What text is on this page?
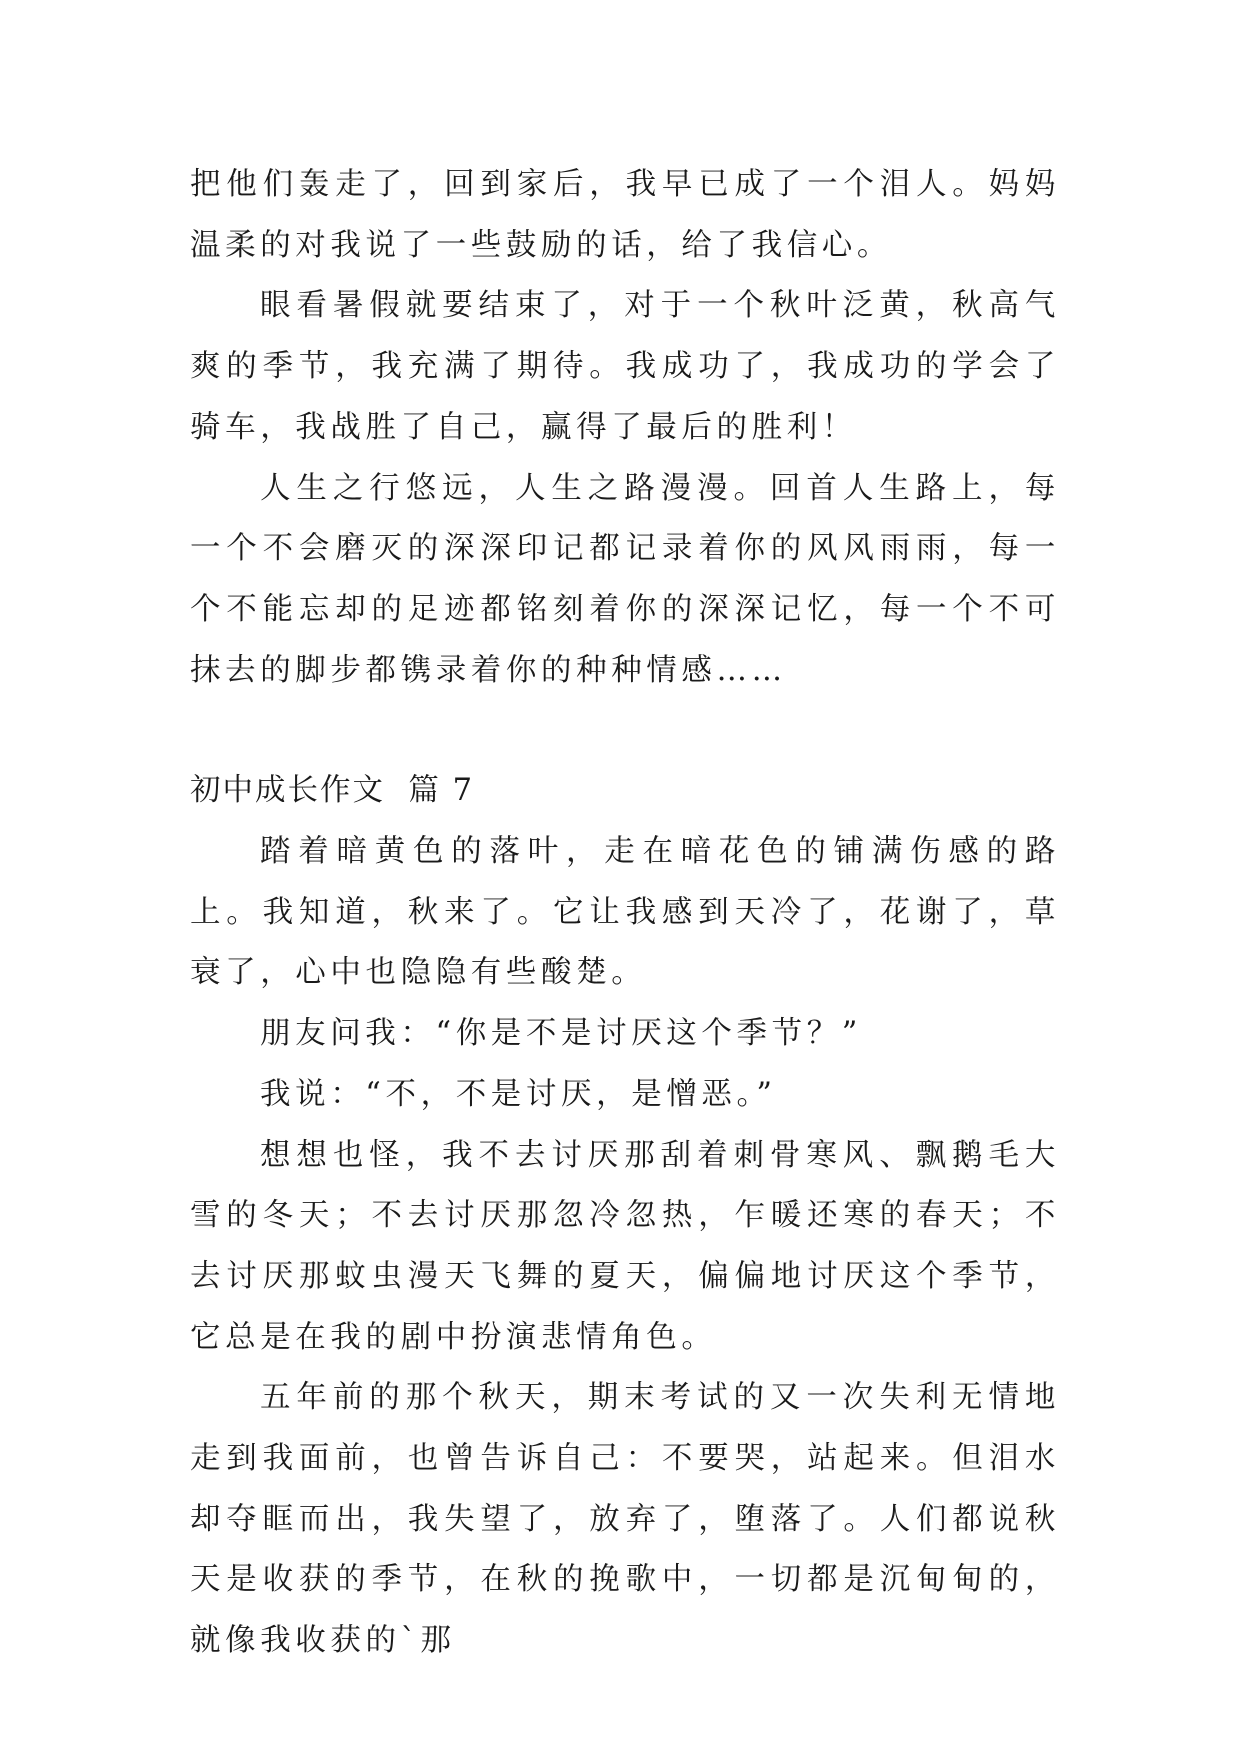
把他们轰走了，回到家后，我早已成了一个泪人。妈妈温柔的对我说了一些鼓励的话，给了我信心。

眼看暑假就要结束了，对于一个秋叶泛黄，秋高气爽的季节，我充满了期待。我成功了，我成功的学会了骑车，我战胜了自己，赢得了最后的胜利！

人生之行悠远，人生之路漫漫。回首人生路上，每一个不会磨灭的深深印记都记录着你的风风雨雨，每一个不能忘却的足迹都铭刻着你的深深记忆，每一个不可抹去的脚步都镌录着你的种种情感……

初中成长作文  篇 7

踏着暗黄色的落叶，走在暗花色的铺满伤感的路上。我知道，秋来了。它让我感到天冷了，花谢了，草衰了，心中也隐隐有些酸楚。

朋友问我：“你是不是讨厌这个季节？”

我说：“不，不是讨厌，是憎恶。”

想想也怪，我不去讨厌那刮着刺骨寒风、飘鹅毛大雪的冬天；不去讨厌那忽冷忽热，乍暖还寒的春天；不去讨厌那蚊虫漫天飞舞的夏天，偏偏地讨厌这个季节，它总是在我的剧中扮演悲情角色。

五年前的那个秋天，期末考试的又一次失利无情地走到我面前，也曾告诉自己：不要哭，站起来。但泪水却夺眶而出，我失望了，放弃了，堕落了。人们都说秋天是收获的季节，在秋的挽歌中，一切都是沉甸甸的，就像我收获的`那
